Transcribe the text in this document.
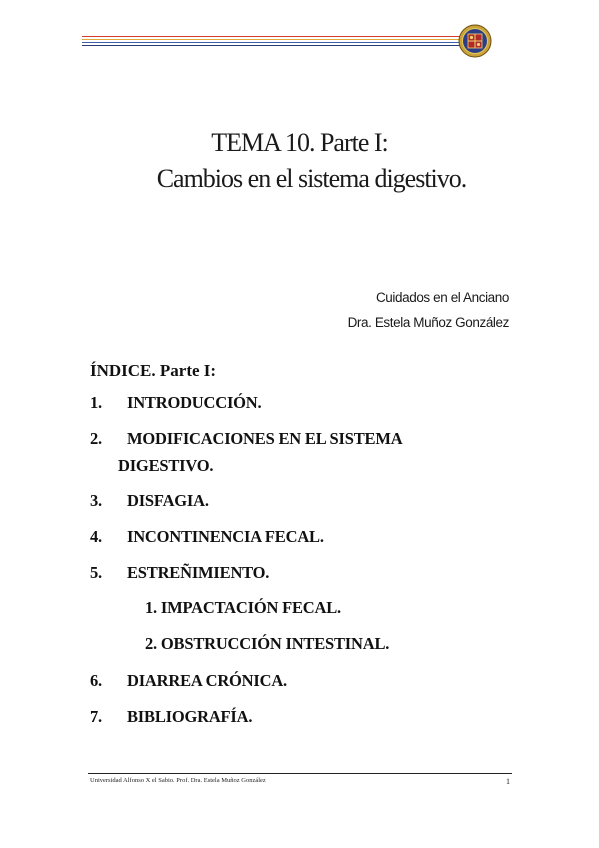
TEMA 10. Parte I:
Cambios en el sistema digestivo.
Cuidados en el Anciano
Dra. Estela Muñoz González
ÍNDICE. Parte I:
1. INTRODUCCIÓN.
2. MODIFICACIONES EN EL SISTEMA
DIGESTIVO.
3. DISFAGIA.
4. INCONTINENCIA FECAL.
5. ESTREÑIMIENTO.
1. IMPACTACIÓN FECAL.
2. OBSTRUCCIÓN INTESTINAL.
6. DIARREA CRÓNICA.
7. BIBLIOGRAFÍA.
Universidad Alfonso X el Sabio. Prof. Dra. Estela Muñoz González	1
